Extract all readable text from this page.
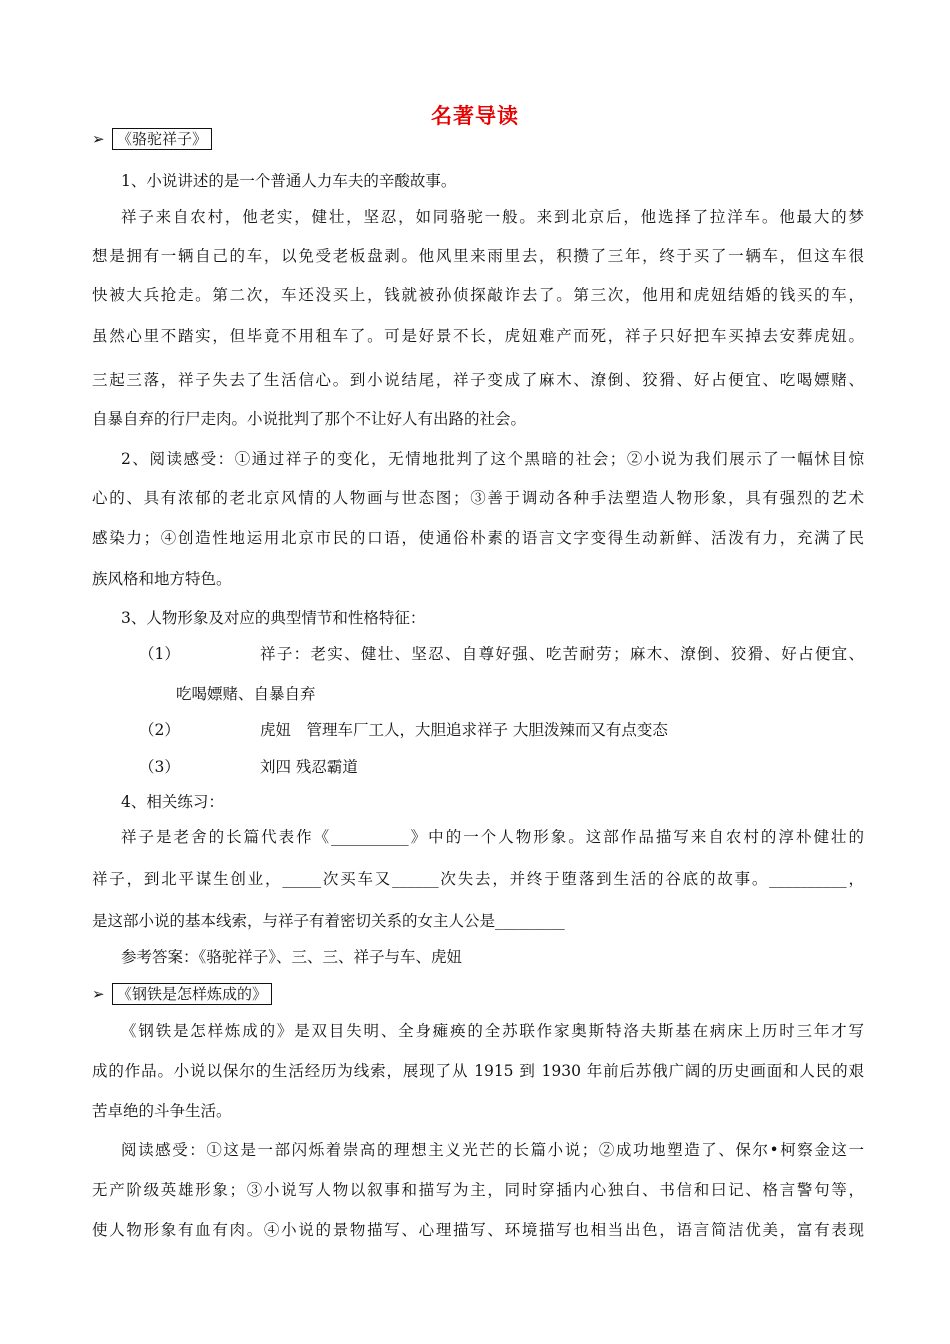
名著导读
➢ 《骆驼祥子》
1、小说讲述的是一个普通人力车夫的辛酸故事。
祥子来自农村，他老实，健壮，坚忍，如同骆驼一般。来到北京后，他选择了拉洋车。他最大的梦
想是拥有一辆自己的车，以免受老板盘剥。他风里来雨里去，积攒了三年，终于买了一辆车，但这车很
快被大兵抢走。第二次，车还没买上，钱就被孙侦探敲诈去了。第三次，他用和虎妞结婚的钱买的车，
虽然心里不踏实，但毕竟不用租车了。可是好景不长，虎妞难产而死，祥子只好把车买掉去安葬虎妞。
三起三落，祥子失去了生活信心。到小说结尾，祥子变成了麻木、潦倒、狡猾、好占便宜、吃喝嫖赌、
自暴自弃的行尸走肉。小说批判了那个不让好人有出路的社会。
2、阅读感受：①通过祥子的变化，无情地批判了这个黑暗的社会；②小说为我们展示了一幅怵目惊
心的、具有浓郁的老北京风情的人物画与世态图；③善于调动各种手法塑造人物形象，具有强烈的艺术
感染力；④创造性地运用北京市民的口语，使通俗朴素的语言文字变得生动新鲜、活泼有力，充满了民
族风格和地方特色。
3、人物形象及对应的典型情节和性格特征：
（1）	祥子：老实、健壮、坚忍、自尊好强、吃苦耐劳；麻木、潦倒、狡猾、好占便宜、
吃喝嫖赌、自暴自弃
（2）	虎妞　管理车厂工人，大胆追求祥子 大胆泼辣而又有点变态
（3）	刘四 残忍霸道
4、相关练习：
祥子是老舍的长篇代表作《__________》中的一个人物形象。这部作品描写来自农村的淳朴健壮的
祥子，到北平谋生创业，_____次买车又______次失去，并终于堕落到生活的谷底的故事。__________，
是这部小说的基本线索，与祥子有着密切关系的女主人公是_________
参考答案：《骆驼祥子》、三、三、祥子与车、虎妞
➢ 《钢铁是怎样炼成的》
《钢铁是怎样炼成的》是双目失明、全身瘫痪的全苏联作家奥斯特洛夫斯基在病床上历时三年才写
成的作品。小说以保尔的生活经历为线索，展现了从 1915 到 1930 年前后苏俄广阔的历史画面和人民的艰
苦卓绝的斗争生活。
阅读感受：①这是一部闪烁着崇高的理想主义光芒的长篇小说；②成功地塑造了、保尔•柯察金这一
无产阶级英雄形象；③小说写人物以叙事和描写为主，同时穿插内心独白、书信和曰记、格言警句等，
使人物形象有血有肉。④小说的景物描写、心理描写、环境描写也相当出色，语言简洁优美，富有表现
